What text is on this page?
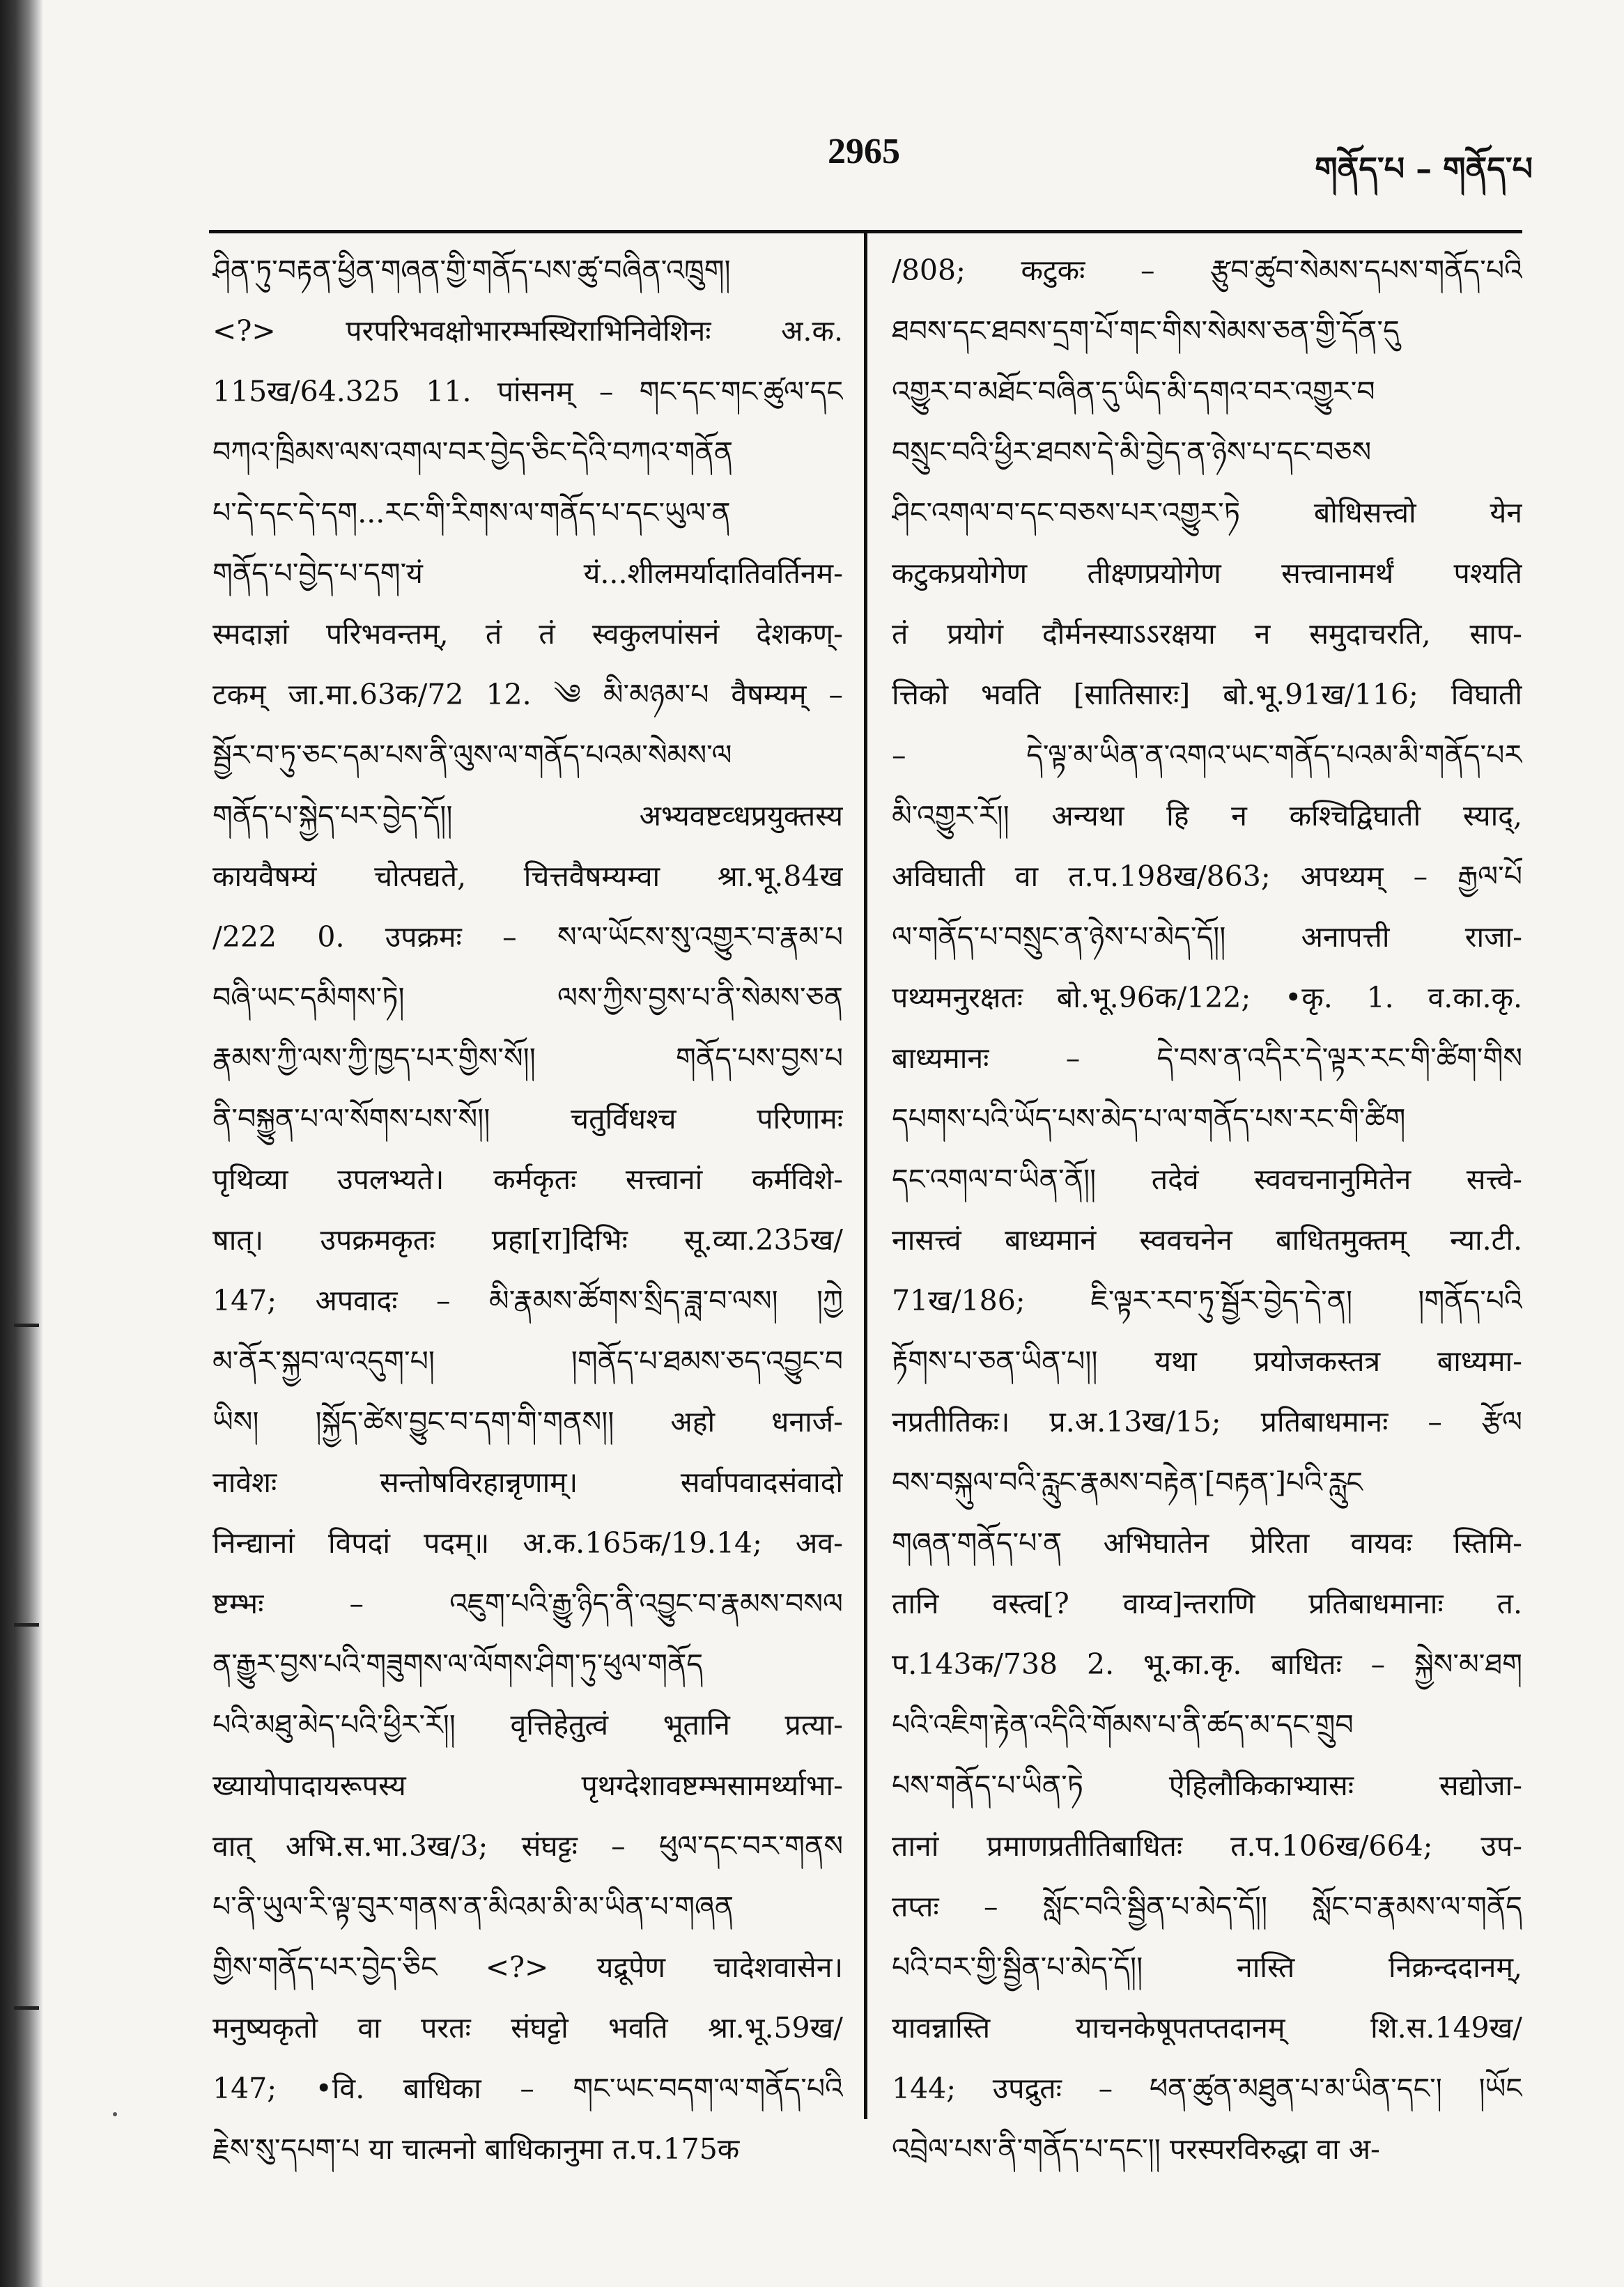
2965	གནོད་པ – གནོད་པ
ཤིན་ཏུ་བརྟན་ཕྱིན་གཞན་གྱི་གནོད་པས་ཚུ་བཞིན་འཁྲུག།
<?> परपरिभवक्षोभारम्भस्थिराभिनिवेशिनः अ.क.
115ख/64.325 11. पांसनम् – གང་དང་གང་ཚུལ་དང
བཀའ་ཁྲིམས་ལས་འགལ་བར་བྱེད་ཅིང་དེའི་བཀའ་གནོན
པ་དེ་དང་དེ་དག...རང་གི་རིགས་ལ་གནོད་པ་དང་ཡུལ་ན
གནོད་པ་བྱེད་པ་དག་यं यं...शीलमर्यादातिवर्तिनम-
स्मदाज्ञां परिभवन्तम्, तं तं स्वकुलपांसनं देशकण्-
टकम् जा.मा.63क/72 12. ༄ མི་མཉམ་པ वैषम्यम् –
སྦྱོར་བ་ཏུ་ཅང་དམ་པས་ནི་ལུས་ལ་གནོད་པའམ་སེམས་ལ
གནོད་པ་སྐྱེད་པར་བྱེད་དོ།། अभ्यवष्टव्धप्रयुक्तस्य
कायवैषम्यं चोत्पद्यते, चित्तवैषम्यम्वा श्रा.भू.84ख
/222 0. उपक्रमः – ས་ལ་ཡོངས་སུ་འགྱུར་བ་རྣམ་པ
བཞི་ཡང་དམིགས་ཏེ། ལས་ཀྱིས་བྱས་པ་ནི་སེམས་ཅན
རྣམས་ཀྱི་ལས་ཀྱི་ཁྱད་པར་གྱིས་སོ།། གནོད་པས་བྱས་པ
ནི་བསྐྱུན་པ་ལ་སོགས་པས་སོ།། चतुर्विधश्च परिणामः
पृथिव्या उपलभ्यते। कर्मकृतः सत्त्वानां कर्मविशे-
षात्। उपक्रमकृतः प्रहा[रा]दिभिः सू.व्या.235ख/
147; अपवादः – མི་རྣམས་ཚོགས་སྲིད་ཟླ་བ་ལས། །ཀྱེ
མ་ནོར་སྐྱབ་ལ་འདུག་པ། །གནོད་པ་ཐམས་ཅད་འབྱུང་བ
ཡིས། །སྐྱོད་ཚེས་བྱུང་བ་དག་གི་གནས།། अहो धनार्ज-
नावेशः सन्तोषविरहान्नृणाम्। सर्वापवादसंवादो
निन्द्यानां विपदां पदम्॥ अ.क.165क/19.14; अव-
ष्टम्भः – འཇུག་པའི་རྒྱུ་ཉིད་ནི་འབྱུང་བ་རྣམས་བསལ
ན་རྒྱུར་བྱས་པའི་གཟུགས་ལ་ལོགས་ཤིག་ཏུ་ཕུལ་གནོད
པའི་མཐུ་མེད་པའི་ཕྱིར་རོ།། वृत्तिहेतुत्वं भूतानि प्रत्या-
ख्यायोपादायरूपस्य पृथग्देशावष्टम्भसामर्थ्याभा-
वात् अभि.स.भा.3ख/3; संघट्टः – ཕུལ་དང་བར་གནས
པ་ནི་ཡུལ་རི་ལྟ་བུར་གནས་ན་མིའམ་མི་མ་ཡིན་པ་གཞན
གྱིས་གནོད་པར་བྱེད་ཅིང <?> यद्रूपेण चादेशवासेन।
मनुष्यकृतो वा परतः संघट्टो भवति श्रा.भू.59ख/
147; •वि. बाधिका – གང་ཡང་བདག་ལ་གནོད་པའི
རྗེས་སུ་དཔག་པ या चात्मनो बाधिकानुमा त.प.175क
/808; कटुकः – རྩུབ་ཚུབ་སེམས་དཔས་གནོད་པའི
ཐབས་དང་ཐབས་དྲག་པོ་གང་གིས་སེམས་ཅན་གྱི་དོན་དུ
འགྱུར་བ་མཐོང་བཞིན་དུ་ཡིད་མི་དགའ་བར་འགྱུར་བ
བསྲུང་བའི་ཕྱིར་ཐབས་དེ་མི་བྱེད་ན་ཉེས་པ་དང་བཅས
ཤིང་འགལ་བ་དང་བཅས་པར་འགྱུར་ཏེ बोधिसत्त्वो येन
कटुकप्रयोगेण तीक्ष्णप्रयोगेण सत्त्वानामर्थं पश्यति
तं प्रयोगं दौर्मनस्याऽऽरक्षया न समुदाचरति, साप-
त्तिको भवति [सातिसारः] बो.भू.91ख/116; विघाती
– དེ་ལྟ་མ་ཡིན་ན་འགའ་ཡང་གནོད་པའམ་མི་གནོད་པར
མི་འགྱུར་རོ།། अन्यथा हि न कश्चिद्विघाती स्याद्,
अविघाती वा त.प.198ख/863; अपथ्यम् – རྒྱལ་པོ
ལ་གནོད་པ་བསྲུང་ན་ཉེས་པ་མེད་དོ།། अनापत्ती राजा-
पथ्यमनुरक्षतः बो.भू.96क/122; •कृ. 1. व.का.कृ.
बाध्यमानः – དེ་བས་ན་འདིར་དེ་ལྟར་རང་གི་ཚིག་གིས
དཔགས་པའི་ཡོད་པས་མེད་པ་ལ་གནོད་པས་རང་གི་ཚིག
དང་འགལ་བ་ཡིན་ནོ།། तदेवं स्ववचनानुमितेन सत्त्वे-
नासत्त्वं बाध्यमानं स्ववचनेन बाधितमुक्तम् न्या.टी.
71ख/186; ཇི་ལྟར་རབ་ཏུ་སྦྱོར་བྱེད་དེ་ན། །གནོད་པའི
རྟོགས་པ་ཅན་ཡིན་པ།། यथा प्रयोजकस्तत्र बाध्यमा-
नप्रतीतिकः। प्र.अ.13ख/15; प्रतिबाधमानः – རྩོལ
བས་བསྐུལ་བའི་རླུང་རྣམས་བརྟེན་[བརྟན་]པའི་རླུང
གཞན་གནོད་པ་ན अभिघातेन प्रेरिता वायवः स्तिमि-
तानि वस्त्व[? वाय्व]न्तराणि प्रतिबाधमानाः त.
प.143क/738 2. भू.का.कृ. बाधितः – སྐྱེས་མ་ཐག
པའི་འཇིག་རྟེན་འདིའི་གོམས་པ་ནི་ཚད་མ་དང་གྲུབ
པས་གནོད་པ་ཡིན་ཏེ ऐहिलौकिकाभ्यासः सद्योजा-
तानां प्रमाणप्रतीतिबाधितः त.प.106ख/664; उप-
तप्तः – སློང་བའི་སྦྱིན་པ་མེད་དོ།། སློང་བ་རྣམས་ལ་གནོད
པའི་བར་གྱི་སྦྱིན་པ་མེད་དོ།། नास्ति निक्रन्ददानम्,
यावन्नास्ति याचनकेषूपतप्तदानम् शि.स.149ख/
144; उपद्रुतः – ཕན་ཚུན་མཐུན་པ་མ་ཡིན་དང་། །ཡོང
འབྲེལ་པས་ནི་གནོད་པ་དང་།། परस्परविरुद्धा वा अ-
